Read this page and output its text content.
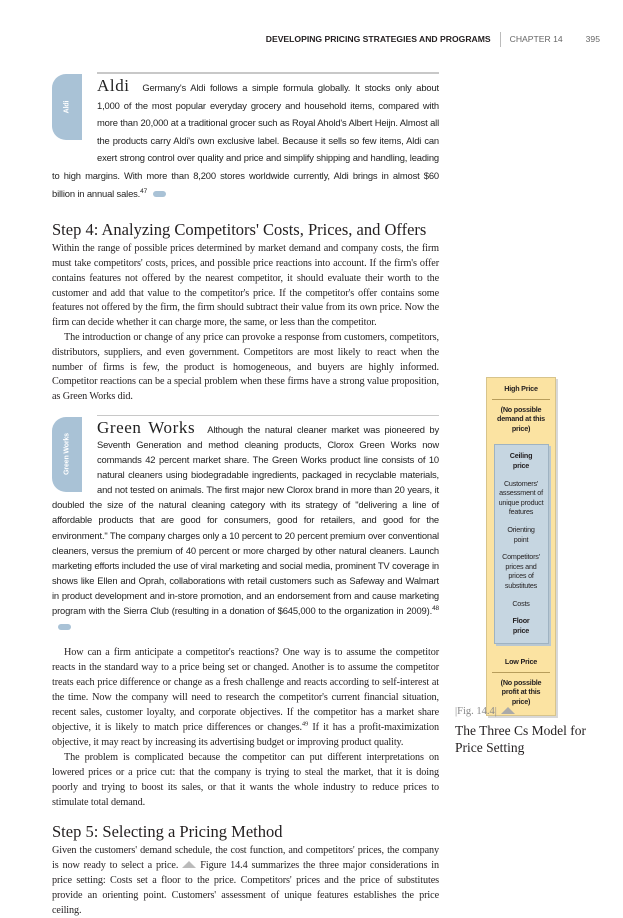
DEVELOPING PRICING STRATEGIES AND PROGRAMS CHAPTER 14	395
Aldi
Aldi Germany's Aldi follows a simple formula globally. It stocks only about 1,000 of the most popular everyday grocery and household items, compared with more than 20,000 at a traditional grocer such as Royal Ahold's Albert Heijn. Almost all the products carry Aldi's own exclusive label. Because it sells so few items, Aldi can exert strong control over quality and price and simplify shipping and handling, leading to high margins. With more than 8,200 stores worldwide currently, Aldi brings in almost $60 billion in annual sales.$^{47}$
Step 4: Analyzing Competitors' Costs, Prices, and Offers

Within the range of possible prices determined by market demand and company costs, the firm must take competitors' costs, prices, and possible price reactions into account. If the firm's offer contains features not offered by the nearest competitor, it should evaluate their worth to the customer and add that value to the competitor's price. If the competitor's offer contains some features not offered by the firm, the firm should subtract their value from its own price. Now the firm can decide whether it can charge more, the same, or less than the competitor.

The introduction or change of any price can provoke a response from customers, competitors, distributors, suppliers, and even government. Competitors are most likely to react when the number of firms is few, the product is homogeneous, and buyers are highly informed. Competitor reactions can be a special problem when these firms have a strong value proposition, as Green Works did.

Green Works
Green Works Although the natural cleaner market was pioneered by Seventh Generation and method cleaning products, Clorox Green Works now commands 42 percent market share. The Green Works product line consists of 10 natural cleaners using biodegradable ingredients, packaged in recyclable materials, and not tested on animals. The first major new Clorox brand in more than 20 years, it doubled the size of the natural cleaning category with its strategy of "delivering a line of affordable products that are good for consumers, good for retailers, and good for the environment." The company charges only a 10 percent to 20 percent premium over conventional cleaners, versus the premium of 40 percent or more charged by other natural cleaners. Launch marketing efforts included the use of viral marketing and social media, prominent TV coverage in shows like Ellen and Oprah, collaborations with retail customers such as Safeway and Walmart in product development and in-store promotion, and an endorsement from and cause marketing program with the Sierra Club (resulting in a donation of $645,000 to the organization in 2009).$^{48}$

How can a firm anticipate a competitor's reactions? One way is to assume the competitor reacts in the standard way to a price being set or changed. Another is to assume the competitor treats each price difference or change as a fresh challenge and reacts according to self-interest at the time. Now the company will need to research the competitor's current financial situation, recent sales, customer loyalty, and corporate objectives. If the competitor has a market share objective, it is likely to match price differences or changes.$^{49}$ If it has a profit-maximization objective, it may react by increasing its advertising budget or improving product quality.

The problem is complicated because the competitor can put different interpretations on lowered prices or a price cut: that the company is trying to steal the market, that it is doing poorly and trying to boost its sales, or that it wants the whole industry to reduce prices to stimulate total demand.

Step 5: Selecting a Pricing Method

Given the customers' demand schedule, the cost function, and competitors' prices, the company is now ready to select a price. Figure 14.4 summarizes the three major considerations in price setting: Costs set a floor to the price. Competitors' prices and the price of substitutes provide an orienting point. Customers' assessment of unique features establishes the price ceiling.

High Price
(No possible demand at this price)
Ceiling price
Customers' assessment of unique product features
Orienting point
Competitors' prices and prices of substitutes
Costs
Floor price
Low Price
(No possible profit at this price)
|Fig. 14.4|
The Three Cs Model for Price Setting
